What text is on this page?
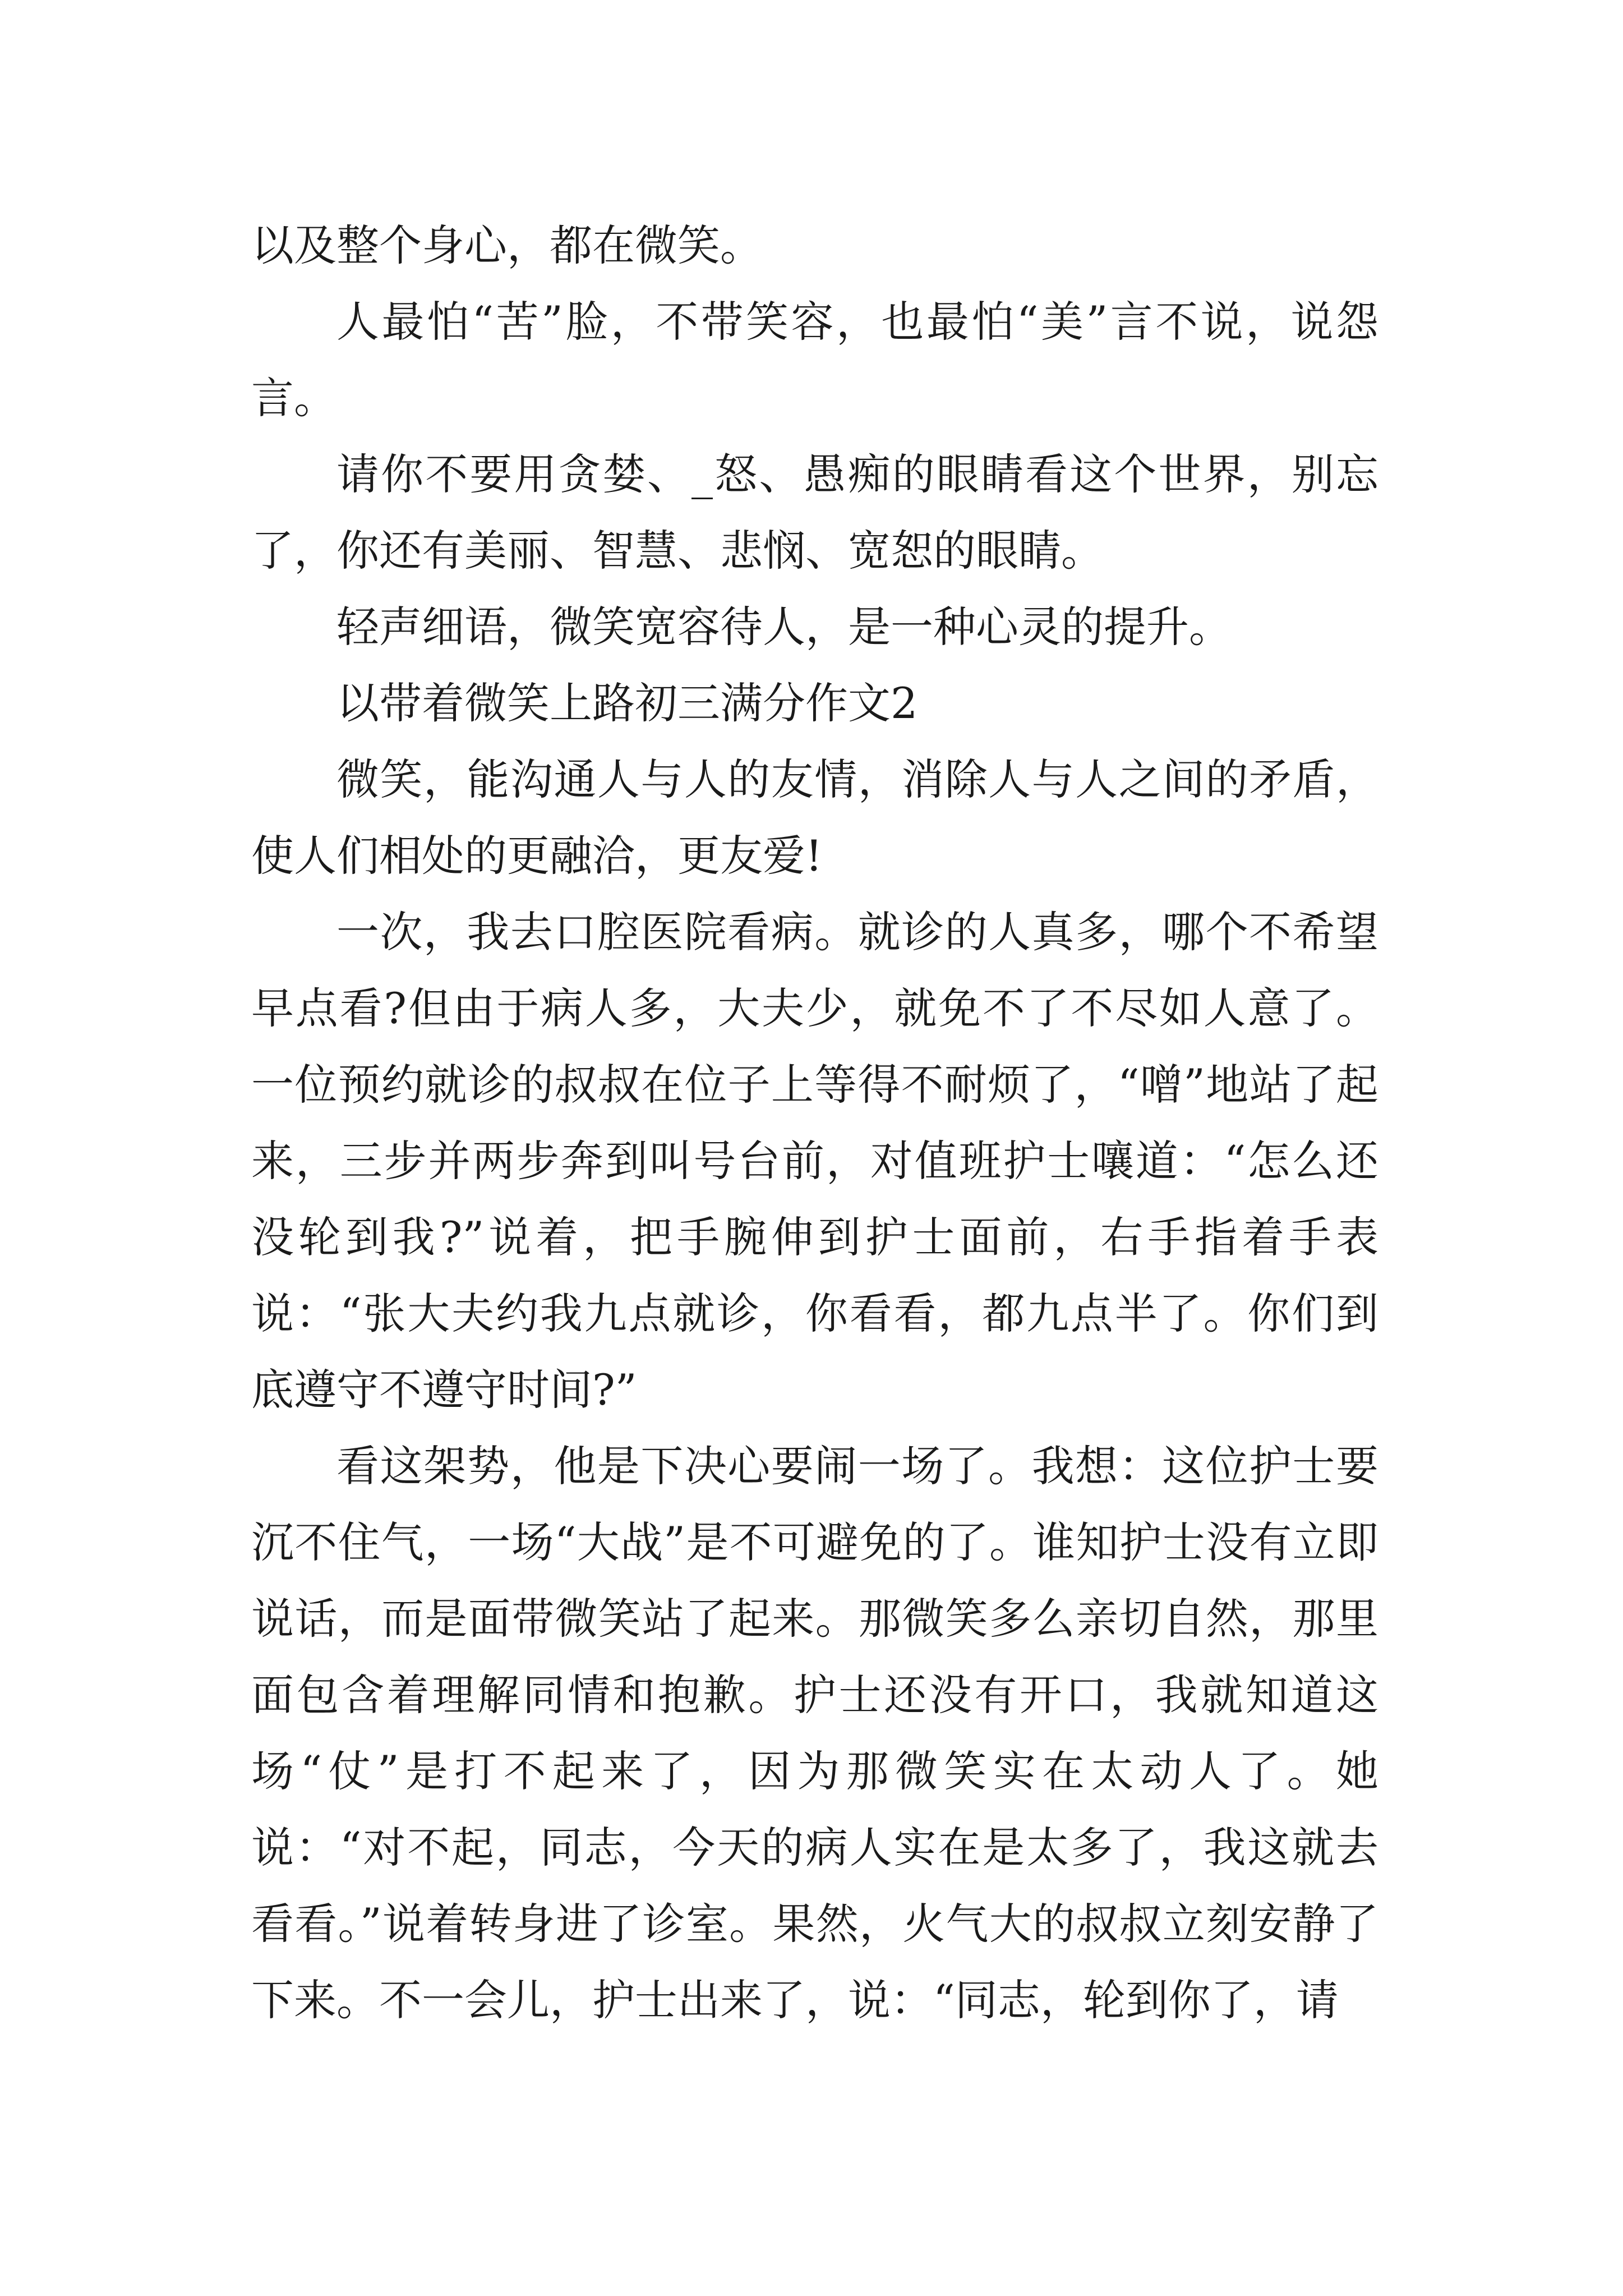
以及整个身心，都在微笑。

人最怕“苦”脸，不带笑容，也最怕“美”言不说，说怨言。

请你不要用贪婪、_怒、愚痴的眼睛看这个世界，别忘了，你还有美丽、智慧、悲悯、宽恕的眼睛。

轻声细语，微笑宽容待人，是一种心灵的提升。

以带着微笑上路初三满分作文2

微笑，能沟通人与人的友情，消除人与人之间的矛盾，使人们相处的更融洽，更友爱!

一次，我去口腔医院看病。就诊的人真多，哪个不希望早点看?但由于病人多，大夫少，就免不了不尽如人意了。一位预约就诊的叔叔在位子上等得不耐烦了，“噌”地站了起来，三步并两步奔到叫号台前，对值班护士嚷道：“怎么还没轮到我?”说着，把手腕伸到护士面前，右手指着手表说：“张大夫约我九点就诊，你看看，都九点半了。你们到底遵守不遵守时间?”

看这架势，他是下决心要闹一场了。我想：这位护士要沉不住气，一场“大战”是不可避免的了。谁知护士没有立即说话，而是面带微笑站了起来。那微笑多么亲切自然，那里面包含着理解同情和抱歉。护士还没有开口，我就知道这场“仗”是打不起来了，因为那微笑实在太动人了。她说：“对不起，同志，今天的病人实在是太多了，我这就去看看。”说着转身进了诊室。果然，火气大的叔叔立刻安静了下来。不一会儿，护士出来了，说：“同志，轮到你了，请
